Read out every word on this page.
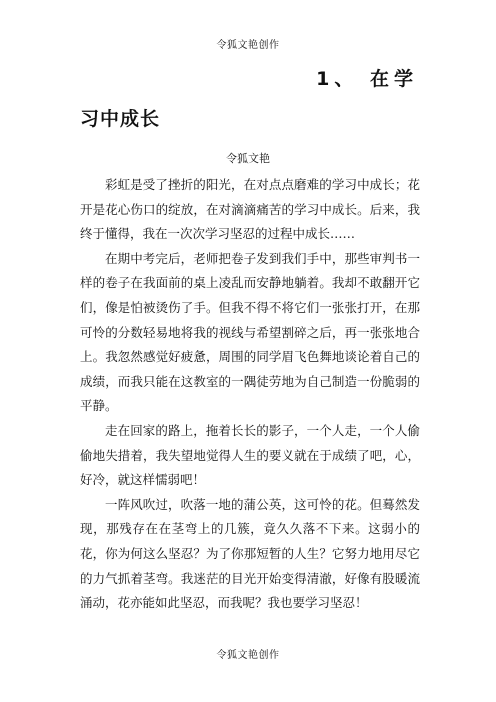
令狐文艳创作
1、 在学
习中成长
令狐文艳

彩虹是受了挫折的阳光，在对点点磨难的学习中成长；花开是花心伤口的绽放，在对滴滴痛苦的学习中成长。后来，我终于懂得，我在一次次学习坚忍的过程中成长……

在期中考完后，老师把卷子发到我们手中，那些审判书一样的卷子在我面前的桌上凌乱而安静地躺着。我却不敢翻开它们，像是怕被烫伤了手。但我不得不将它们一张张打开，在那可怜的分数轻易地将我的视线与希望割碎之后，再一张张地合上。我忽然感觉好疲惫，周围的同学眉飞色舞地谈论着自己的成绩，而我只能在这教室的一隅徒劳地为自己制造一份脆弱的平静。

走在回家的路上，拖着长长的影子，一个人走，一个人偷偷地失措着，我失望地觉得人生的要义就在于成绩了吧，心，好冷，就这样懦弱吧！

一阵风吹过，吹落一地的蒲公英，这可怜的花。但蓦然发现，那残存在在茎弯上的几簇，竟久久落不下来。这弱小的花，你为何这么坚忍？为了你那短暂的人生？它努力地用尽它的力气抓着茎弯。我迷茫的目光开始变得清澈，好像有股暖流涌动，花亦能如此坚忍，而我呢？我也要学习坚忍！

令狐文艳创作
